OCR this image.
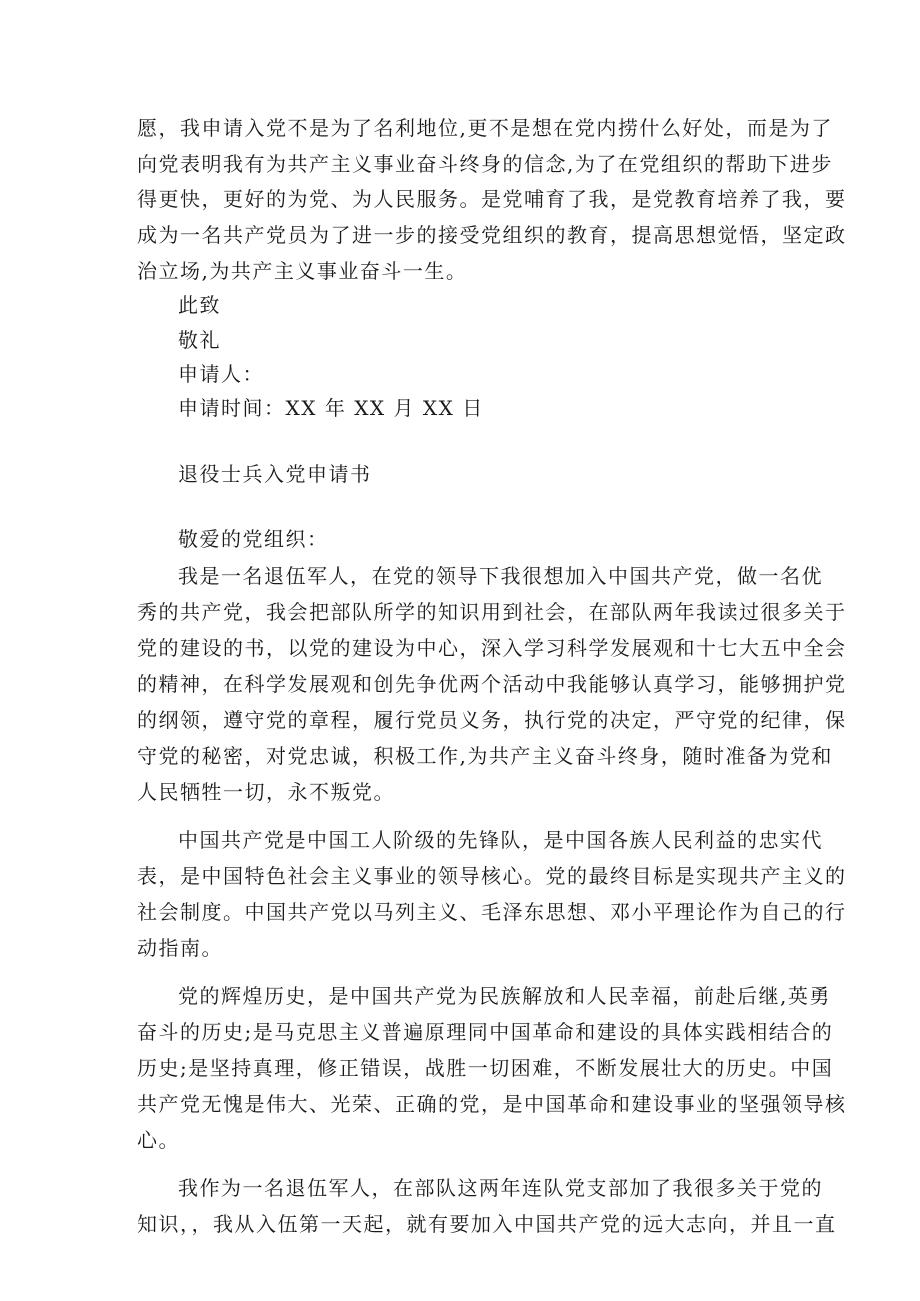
愿，我申请入党不是为了名利地位,更不是想在党内捞什么好处，而是为了
向党表明我有为共产主义事业奋斗终身的信念,为了在党组织的帮助下进步
得更快，更好的为党、为人民服务。是党哺育了我，是党教育培养了我，要
成为一名共产党员为了进一步的接受党组织的教育，提高思想觉悟，坚定政
治立场,为共产主义事业奋斗一生。
此致
敬礼
申请人：
申请时间：XX 年 XX 月 XX 日
退役士兵入党申请书
敬爱的党组织：
我是一名退伍军人，在党的领导下我很想加入中国共产党，做一名优
秀的共产党，我会把部队所学的知识用到社会，在部队两年我读过很多关于
党的建设的书，以党的建设为中心，深入学习科学发展观和十七大五中全会
的精神，在科学发展观和创先争优两个活动中我能够认真学习，能够拥护党
的纲领，遵守党的章程，履行党员义务，执行党的决定，严守党的纪律，保
守党的秘密，对党忠诚，积极工作,为共产主义奋斗终身，随时准备为党和
人民牺牲一切，永不叛党。
中国共产党是中国工人阶级的先锋队，是中国各族人民利益的忠实代
表，是中国特色社会主义事业的领导核心。党的最终目标是实现共产主义的
社会制度。中国共产党以马列主义、毛泽东思想、邓小平理论作为自己的行
动指南。
党的辉煌历史，是中国共产党为民族解放和人民幸福，前赴后继,英勇
奋斗的历史;是马克思主义普遍原理同中国革命和建设的具体实践相结合的
历史;是坚持真理，修正错误，战胜一切困难，不断发展壮大的历史。中国
共产党无愧是伟大、光荣、正确的党，是中国革命和建设事业的坚强领导核
心。
我作为一名退伍军人，在部队这两年连队党支部加了我很多关于党的
知识，，我从入伍第一天起，就有要加入中国共产党的远大志向，并且一直
